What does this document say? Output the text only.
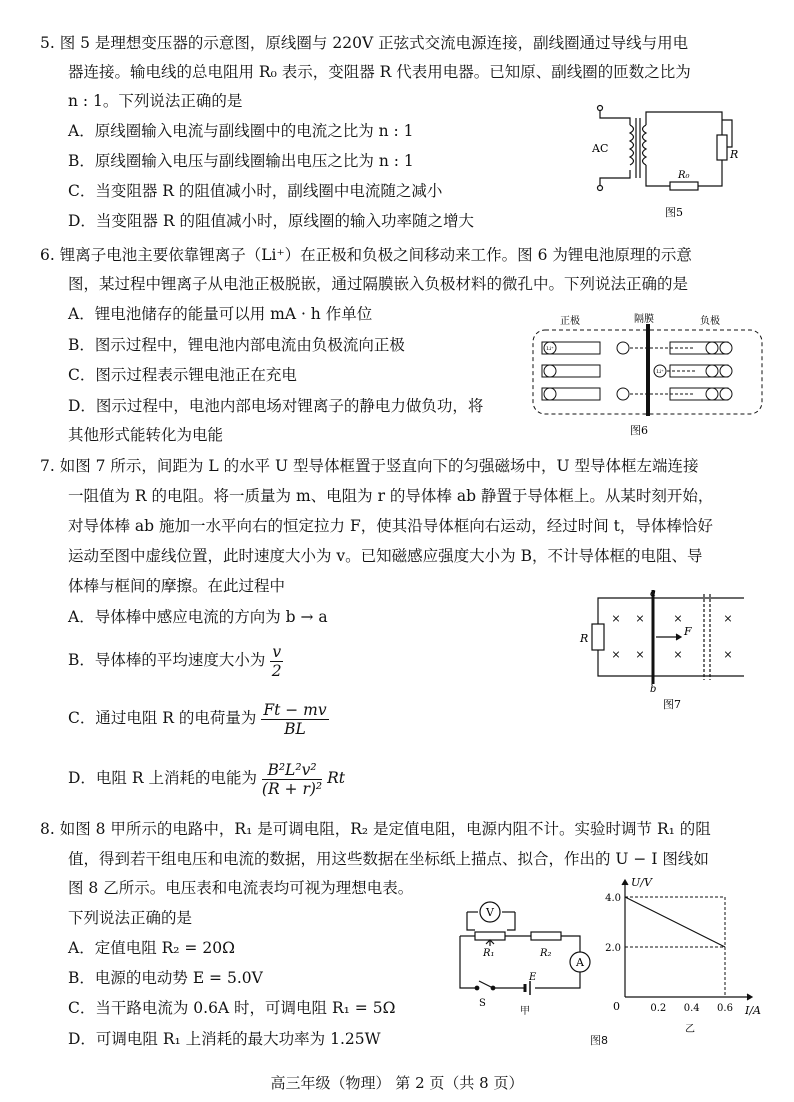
5. 图 5 是理想变压器的示意图，原线圈与 220V 正弦式交流电源连接，副线圈通过导线与用电
器连接。输电线的总电阻用 R₀ 表示，变阻器 R 代表用电器。已知原、副线圈的匝数之比为
n : 1。下列说法正确的是
A．原线圈输入电流与副线圈中的电流之比为 n : 1
B．原线圈输入电压与副线圈输出电压之比为 n : 1
C．当变阻器 R 的阻值减小时，副线圈中电流随之减小
D．当变阻器 R 的阻值减小时，原线圈的输入功率随之增大
AC	R
R₀
图5
6. 锂离子电池主要依靠锂离子（Li⁺）在正极和负极之间移动来工作。图 6 为锂电池原理的示意
图，某过程中锂离子从电池正极脱嵌，通过隔膜嵌入负极材料的微孔中。下列说法正确的是
A．锂电池储存的能量可以用 mA · h 作单位
B．图示过程中，锂电池内部电流由负极流向正极
C．图示过程表示锂电池正在充电
D．图示过程中，电池内部电场对锂离子的静电力做负功，将
其他形式能转化为电能
Li⁺
Li⁺
正极	隔膜	负极
图6
7. 如图 7 所示，间距为 L 的水平 U 型导体框置于竖直向下的匀强磁场中，U 型导体框左端连接
一阻值为 R 的电阻。将一质量为 m、电阻为 r 的导体棒 ab 静置于导体框上。从某时刻开始，
对导体棒 ab 施加一水平向右的恒定拉力 F，使其沿导体框向右运动，经过时间 t，导体棒恰好
运动至图中虚线位置，此时速度大小为 v。已知磁感应强度大小为 B，不计导体框的电阻、导
体棒与框间的摩擦。在此过程中
A．导体棒中感应电流的方向为 b → a
B．导体棒的平均速度大小为 $\frac{v}{2}$
C．通过电阻 R 的电荷量为 $\frac{Ft - mv}{BL}$
D．电阻 R 上消耗的电能为 $\frac{\text{B²L²v²}}{\text{(R + r)²}}$ Rt
× ×	×	×
× ×	×	×
R
a
b
F
图7
8. 如图 8 甲所示的电路中，R₁ 是可调电阻，R₂ 是定值电阻，电源内阻不计。实验时调节 R₁ 的阻
值，得到若干组电压和电流的数据，用这些数据在坐标纸上描点、拟合，作出的 U − I 图线如
图 8 乙所示。电压表和电流表均可视为理想电表。
下列说法正确的是
A．定值电阻 R₂ = 20Ω
B．电源的电动势 E = 5.0V
C．当干路电流为 0.6A 时，可调电阻 R₁ = 5Ω
D．可调电阻 R₁ 上消耗的最大功率为 1.25W
V
A
R₁	R₂
S
E
甲	0.2 0.4 0.6
2.0
4.0
U/V
I/A
0
乙
图8
高三年级（物理） 第 2 页（共 8 页）
